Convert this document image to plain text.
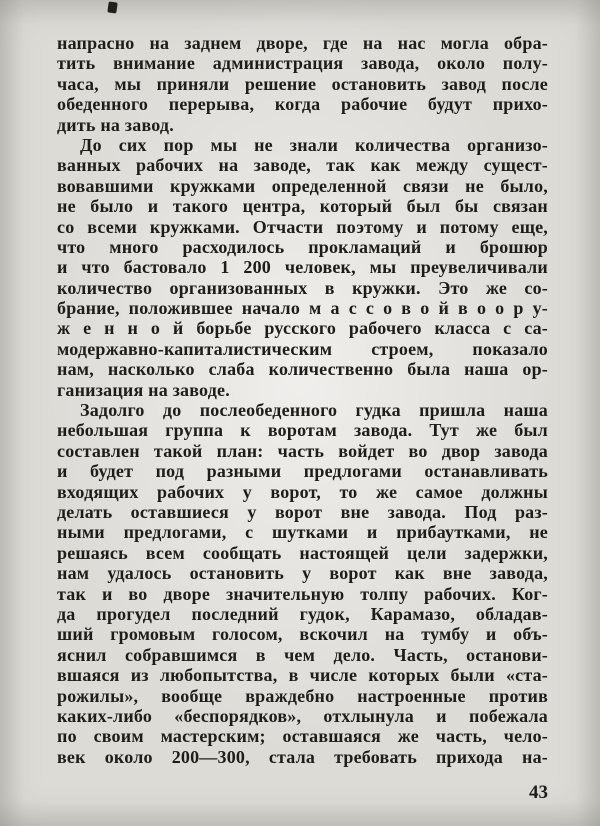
напрасно на заднем дворе, где на нас могла обра-
тить внимание администрация завода, около полу-
часа, мы приняли решение остановить завод после
обеденного перерыва, когда рабочие будут прихо-
дить на завод.
До сих пор мы не знали количества организо-
ванных рабочих на заводе, так как между сущест-
вовавшими кружками определенной связи не было,
не было и такого центра, который был бы связан
со всеми кружками. Отчасти поэтому и потому еще,
что много расходилось прокламаций и брошюр
и что бастовало 1 200 человек, мы преувеличивали
количество организованных в кружки. Это же со-
брание, положившее начало м а с с о в о й в о о р у-
ж е н н о й борьбе русского рабочего класса с са-
модержавно-капиталистическим строем, показало
нам, насколько слаба количественно была наша ор-
ганизация на заводе.
Задолго до послеобеденного гудка пришла наша
небольшая группа к воротам завода. Тут же был
составлен такой план: часть войдет во двор завода
и будет под разными предлогами останавливать
входящих рабочих у ворот, то же самое должны
делать оставшиеся у ворот вне завода. Под раз-
ными предлогами, с шутками и прибаутками, не
решаясь всем сообщать настоящей цели задержки,
нам удалось остановить у ворот как вне завода,
так и во дворе значительную толпу рабочих. Ког-
да прогудел последний гудок, Карамазо, обладав-
ший громовым голосом, вскочил на тумбу и объ-
яснил собравшимся в чем дело. Часть, останови-
вшаяся из любопытства, в числе которых были «ста-
рожилы», вообще враждебно настроенные против
каких-либо «беспорядков», отхлынула и побежала
по своим мастерским; оставшаяся же часть, чело-
век около 200—300, стала требовать прихода на-
43
